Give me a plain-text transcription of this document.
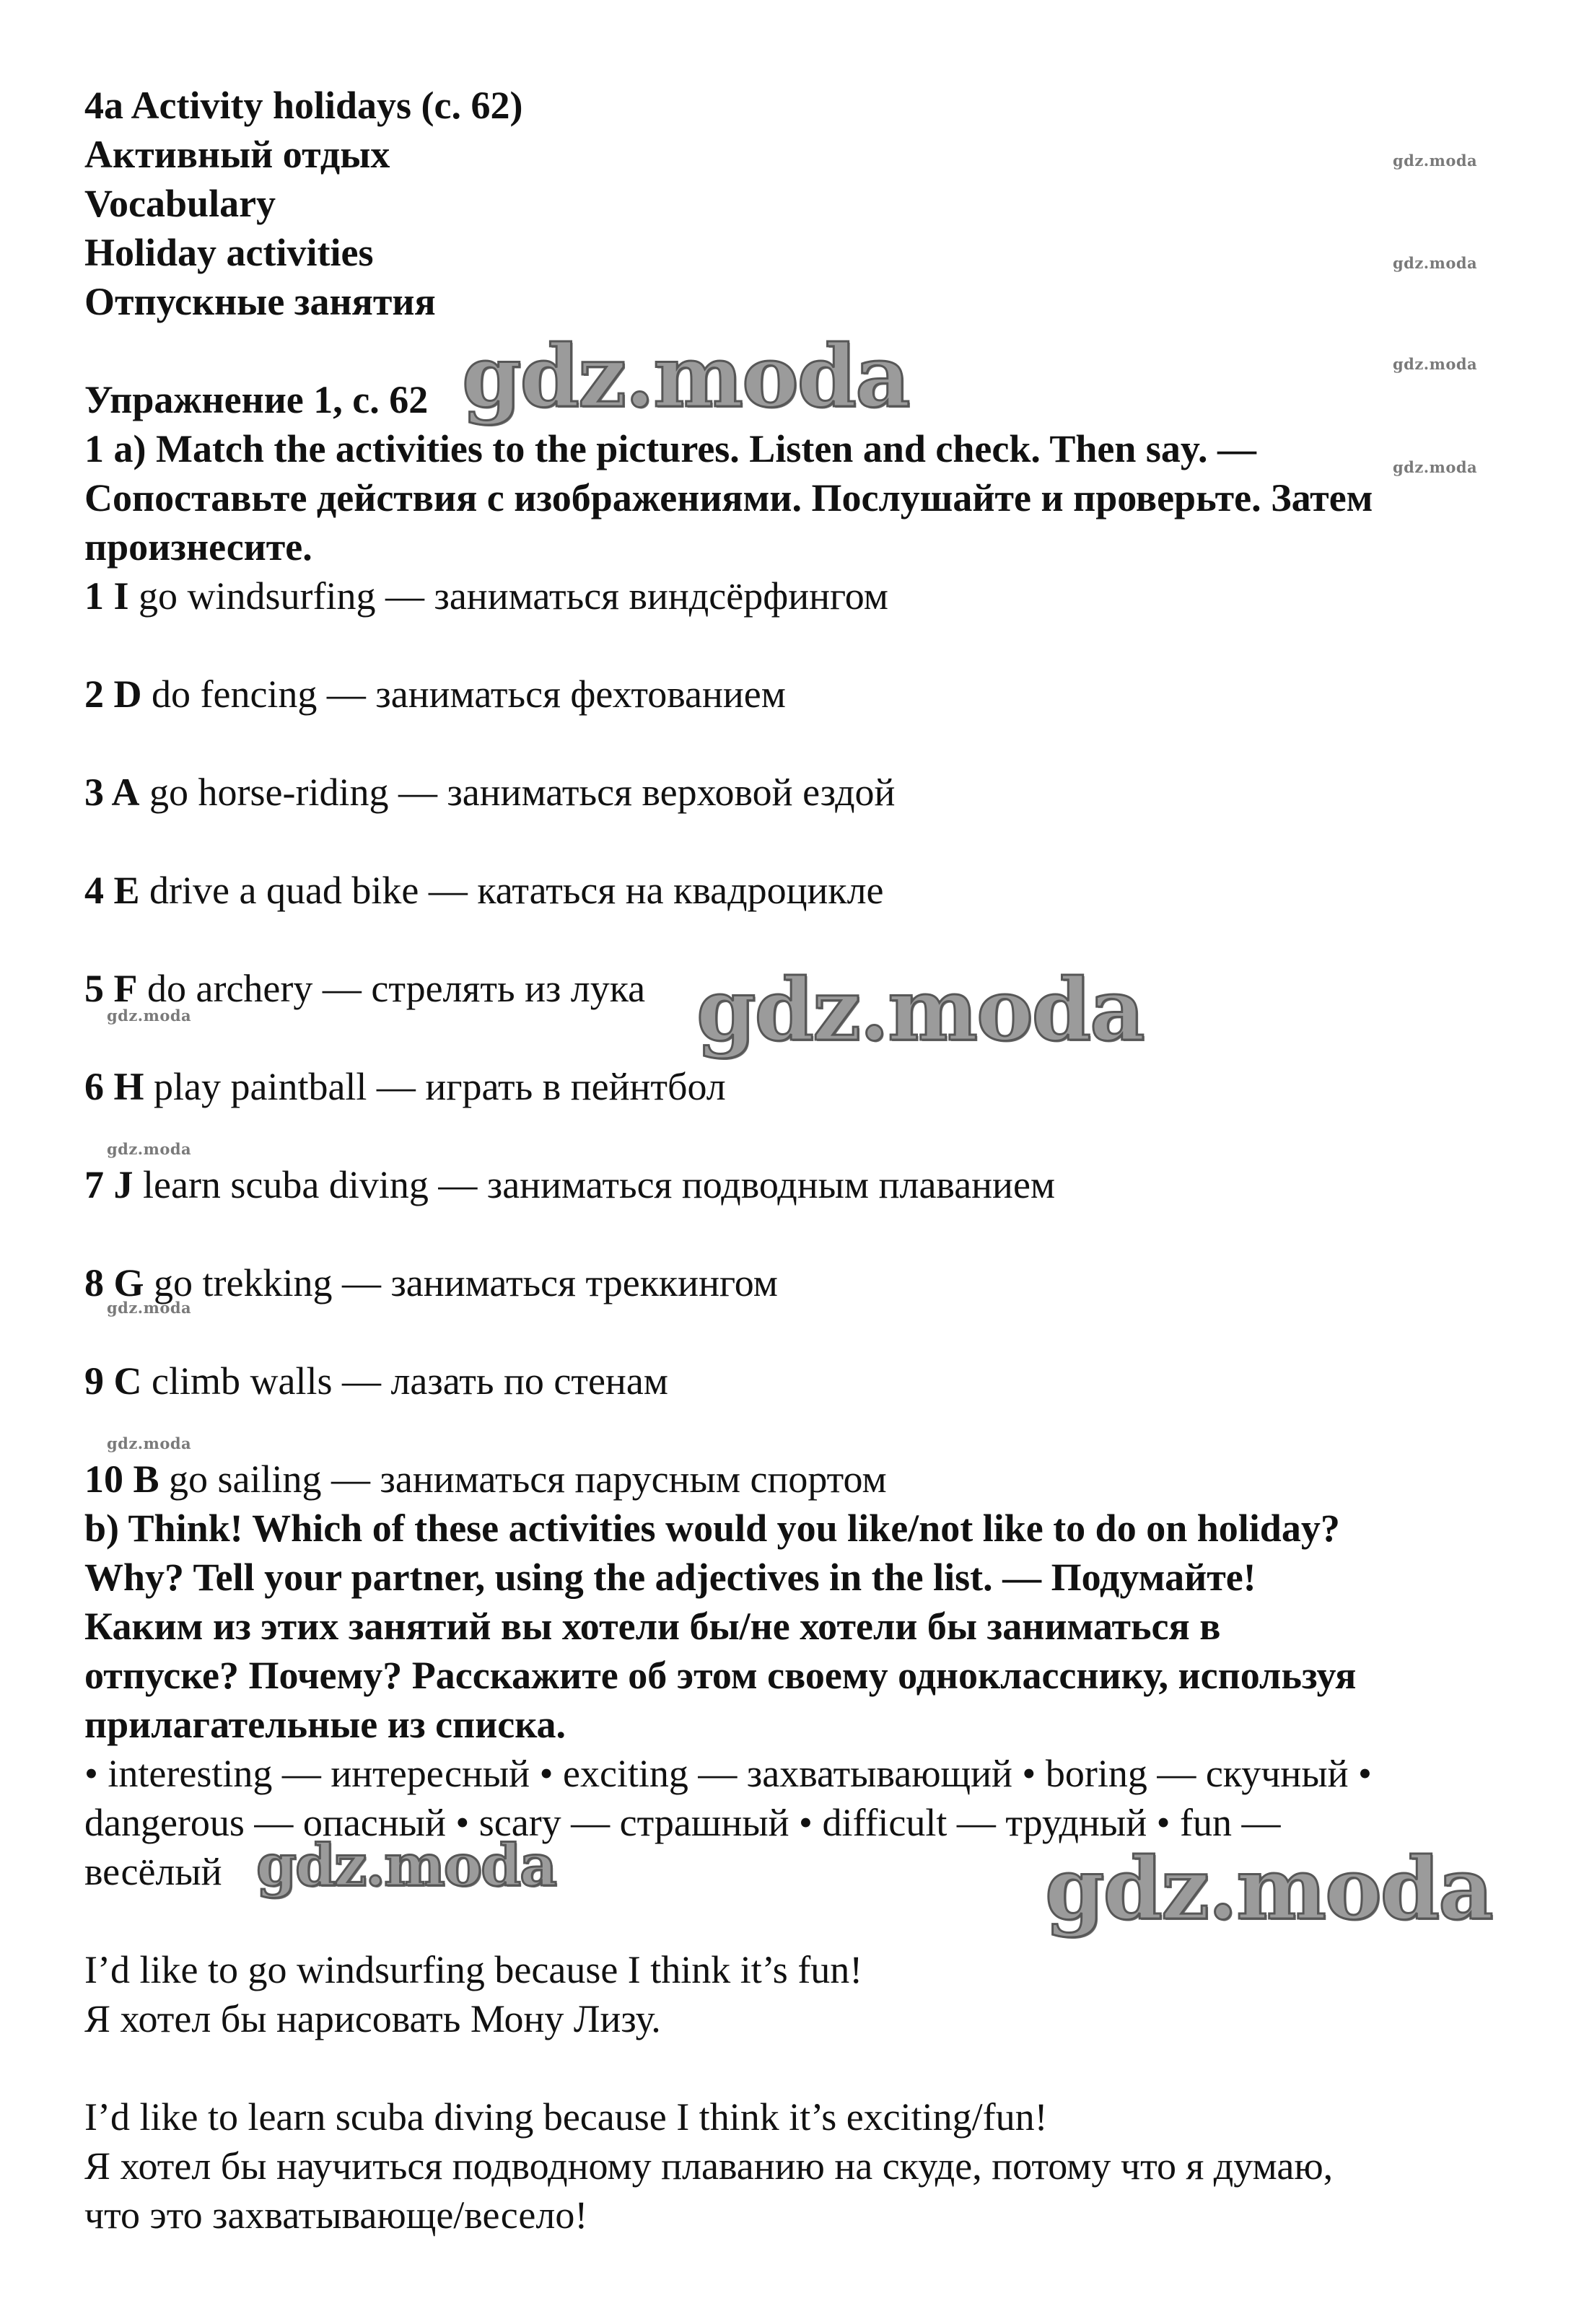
4a Activity holidays (с. 62)
Активный отдых
Vocabulary
Holiday activities
Отпускные занятия
Упражнение 1, с. 62
1 a) Match the activities to the pictures. Listen and check. Then say. —
Сопоставьте действия с изображениями. Послушайте и проверьте. Затем
произнесите.
1 I go windsurfing — заниматься виндсёрфингом
2 D do fencing — заниматься фехтованием
3 A go horse-riding — заниматься верховой ездой
4 E drive a quad bike — кататься на квадроцикле
5 F do archery — стрелять из лука
6 H play paintball — играть в пейнтбол
7 J learn scuba diving — заниматься подводным плаванием
8 G go trekking — заниматься треккингом
9 C climb walls — лазать по стенам
10 B go sailing — заниматься парусным спортом
b) Think! Which of these activities would you like/not like to do on holiday?
Why? Tell your partner, using the adjectives in the list. — Подумайте!
Каким из этих занятий вы хотели бы/не хотели бы заниматься в
отпуске? Почему? Расскажите об этом своему однокласснику, используя
прилагательные из списка.
• interesting — интересный • exciting — захватывающий • boring — скучный •
dangerous — опасный • scary — страшный • difficult — трудный • fun —
весёлый
I’d like to go windsurfing because I think it’s fun!
Я хотел бы нарисовать Мону Лизу.
I’d like to learn scuba diving because I think it’s exciting/fun!
Я хотел бы научиться подводному плаванию на скуде, потому что я думаю,
что это захватывающе/весело!
gdz.moda
gdz.moda
gdz.moda
gdz.moda
gdz.moda
gdz.moda
gdz.moda
gdz.moda
gdz.moda
gdz.moda
gdz.moda	gdz.moda
